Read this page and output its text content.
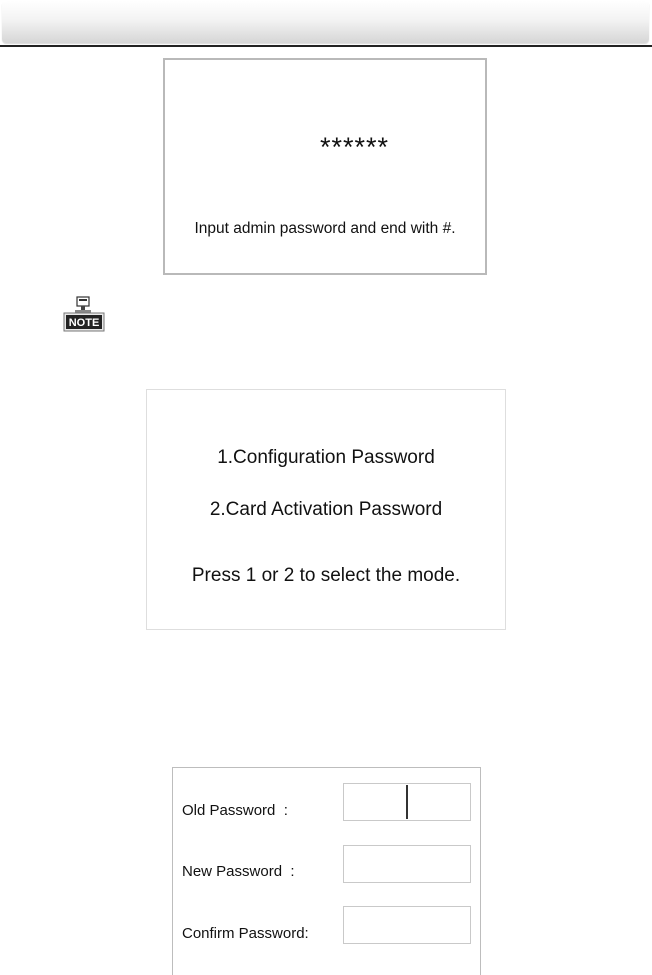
******
Input admin password and end with #.
NOTE
1.Configuration Password
2.Card Activation Password
Press 1 or 2 to select the mode.
Old Password  :
New Password  :
Confirm Password:
